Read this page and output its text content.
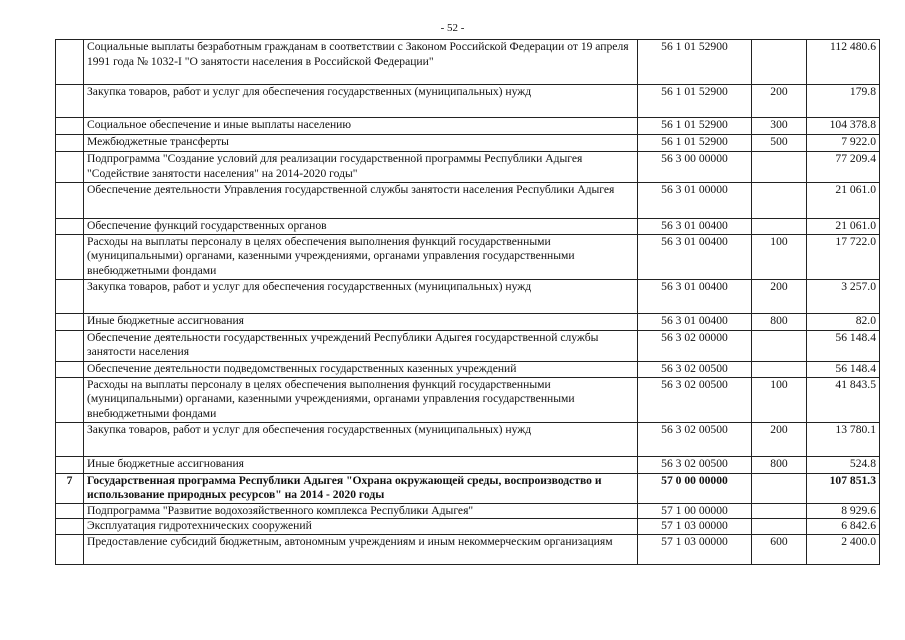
- 52 -
	Социальные выплаты безработным гражданам в соответствии с Законом Российской Федерации от 19 апреля 1991 года № 1032-I "О занятости населения в Российской Федерации"	56 1 01 52900		112 480.6
	Закупка товаров, работ и услуг для обеспечения государственных (муниципальных) нужд	56 1 01 52900	200	179.8
	Социальное обеспечение и иные выплаты населению	56 1 01 52900	300	104 378.8
	Межбюджетные трансферты	56 1 01 52900	500	7 922.0
	Подпрограмма "Создание условий для реализации государственной программы Республики Адыгея "Содействие занятости населения" на 2014-2020 годы"	56 3 00 00000		77 209.4
	Обеспечение деятельности Управления государственной службы занятости населения Республики Адыгея	56 3 01 00000		21 061.0
	Обеспечение функций государственных органов	56 3 01 00400		21 061.0
	Расходы на выплаты персоналу в целях обеспечения выполнения функций государственными (муниципальными) органами, казенными учреждениями, органами управления государственными внебюджетными фондами	56 3 01 00400	100	17 722.0
	Закупка товаров, работ и услуг для обеспечения государственных (муниципальных) нужд	56 3 01 00400	200	3 257.0
	Иные бюджетные ассигнования	56 3 01 00400	800	82.0
	Обеспечение деятельности государственных учреждений Республики Адыгея государственной службы занятости населения	56 3 02 00000		56 148.4
	Обеспечение деятельности подведомственных государственных казенных учреждений	56 3 02 00500		56 148.4
	Расходы на выплаты персоналу в целях обеспечения выполнения функций государственными (муниципальными) органами, казенными учреждениями, органами управления государственными внебюджетными фондами	56 3 02 00500	100	41 843.5
	Закупка товаров, работ и услуг для обеспечения государственных (муниципальных) нужд	56 3 02 00500	200	13 780.1
	Иные бюджетные ассигнования	56 3 02 00500	800	524.8
7	Государственная программа Республики Адыгея "Охрана окружающей среды, воспроизводство и использование природных ресурсов" на 2014 - 2020 годы	57 0 00 00000		107 851.3
	Подпрограмма "Развитие водохозяйственного комплекса Республики Адыгея"	57 1 00 00000		8 929.6
	Эксплуатация гидротехнических сооружений	57 1 03 00000		6 842.6
	Предоставление субсидий бюджетным, автономным учреждениям и иным некоммерческим организациям	57 1 03 00000	600	2 400.0
